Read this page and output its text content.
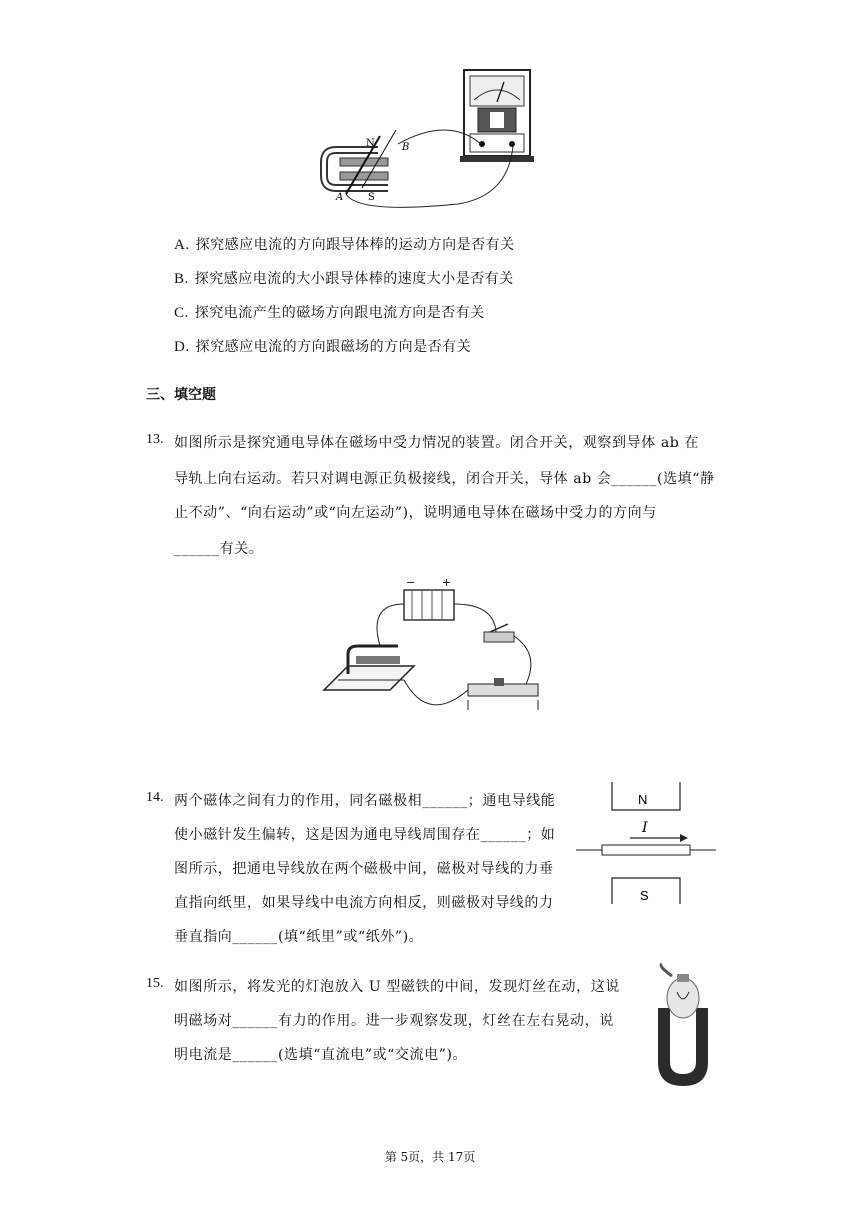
N	B
A S
A. 探究感应电流的方向跟导体棒的运动方向是否有关
B. 探究感应电流的大小跟导体棒的速度大小是否有关
C. 探究电流产生的磁场方向跟电流方向是否有关
D. 探究感应电流的方向跟磁场的方向是否有关
三、填空题
13. 如图所示是探究通电导体在磁场中受力情况的装置。闭合开关，观察到导体 ab 在
导轨上向右运动。若只对调电源正负极接线，闭合开关，导体 ab 会______(选填“静
止不动”、“向右运动”或“向左运动”)，说明通电导体在磁场中受力的方向与
______有关。
− +
14. 两个磁体之间有力的作用，同名磁极相______；通电导线能
使小磁针发生偏转，这是因为通电导线周围存在______；如
图所示，把通电导线放在两个磁极中间，磁极对导线的力垂
直指向纸里，如果导线中电流方向相反，则磁极对导线的力
垂直指向______(填“纸里”或“纸外”)。
N
I
S
15. 如图所示，将发光的灯泡放入 U 型磁铁的中间，发现灯丝在动，这说
明磁场对______有力的作用。进一步观察发现，灯丝在左右晃动，说
明电流是______(选填“直流电”或“交流电”)。
第 5页，共 17页
